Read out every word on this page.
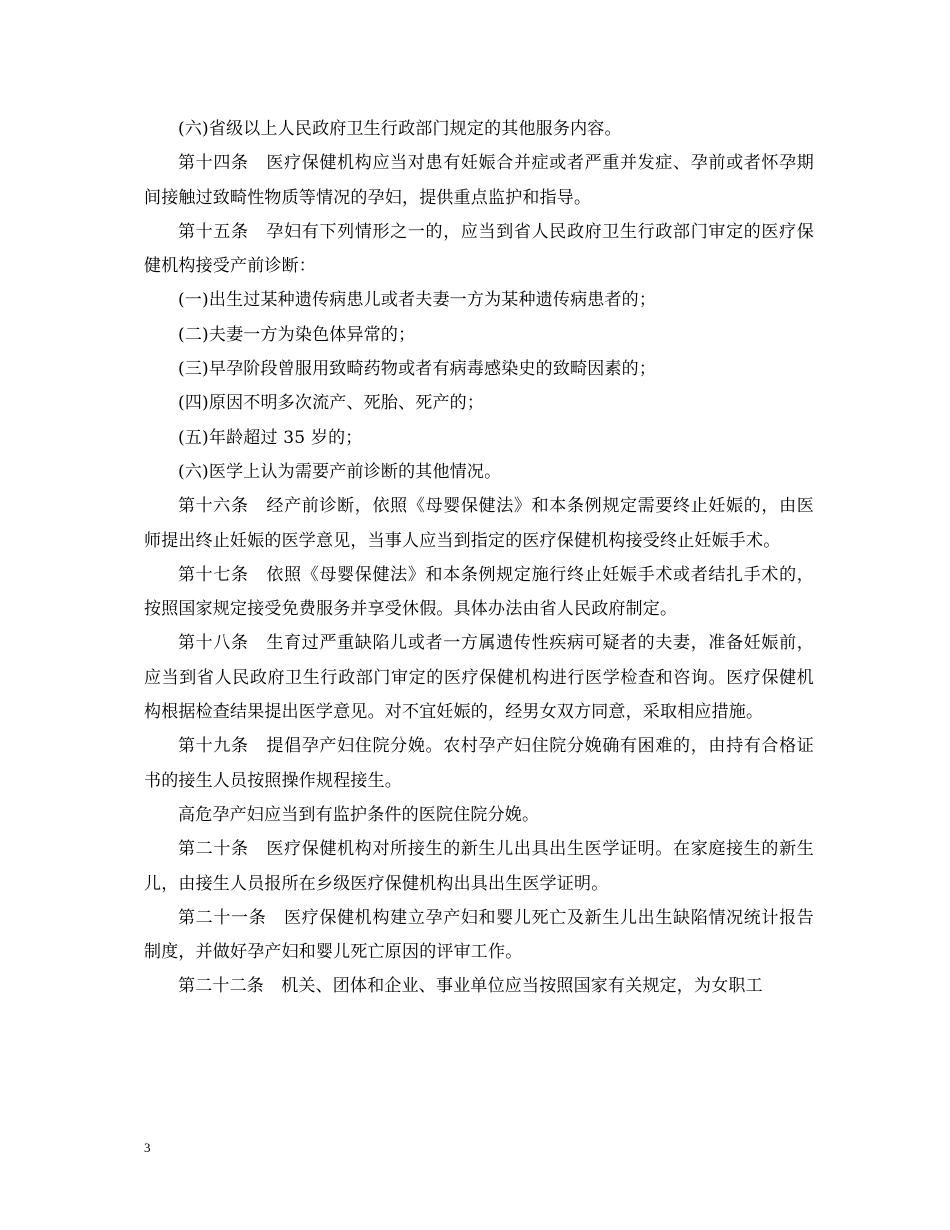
(六)省级以上人民政府卫生行政部门规定的其他服务内容。

第十四条　医疗保健机构应当对患有妊娠合并症或者严重并发症、孕前或者怀孕期间接触过致畸性物质等情况的孕妇，提供重点监护和指导。

第十五条　孕妇有下列情形之一的，应当到省人民政府卫生行政部门审定的医疗保健机构接受产前诊断：

(一)出生过某种遗传病患儿或者夫妻一方为某种遗传病患者的；

(二)夫妻一方为染色体异常的；

(三)早孕阶段曾服用致畸药物或者有病毒感染史的致畸因素的；

(四)原因不明多次流产、死胎、死产的；

(五)年龄超过 35 岁的；

(六)医学上认为需要产前诊断的其他情况。

第十六条　经产前诊断，依照《母婴保健法》和本条例规定需要终止妊娠的，由医师提出终止妊娠的医学意见，当事人应当到指定的医疗保健机构接受终止妊娠手术。

第十七条　依照《母婴保健法》和本条例规定施行终止妊娠手术或者结扎手术的，按照国家规定接受免费服务并享受休假。具体办法由省人民政府制定。

第十八条　生育过严重缺陷儿或者一方属遗传性疾病可疑者的夫妻，准备妊娠前，应当到省人民政府卫生行政部门审定的医疗保健机构进行医学检查和咨询。医疗保健机构根据检查结果提出医学意见。对不宜妊娠的，经男女双方同意，采取相应措施。

第十九条　提倡孕产妇住院分娩。农村孕产妇住院分娩确有困难的，由持有合格证书的接生人员按照操作规程接生。

高危孕产妇应当到有监护条件的医院住院分娩。

第二十条　医疗保健机构对所接生的新生儿出具出生医学证明。在家庭接生的新生儿，由接生人员报所在乡级医疗保健机构出具出生医学证明。

第二十一条　医疗保健机构建立孕产妇和婴儿死亡及新生儿出生缺陷情况统计报告制度，并做好孕产妇和婴儿死亡原因的评审工作。

第二十二条　机关、团体和企业、事业单位应当按照国家有关规定，为女职工

3
